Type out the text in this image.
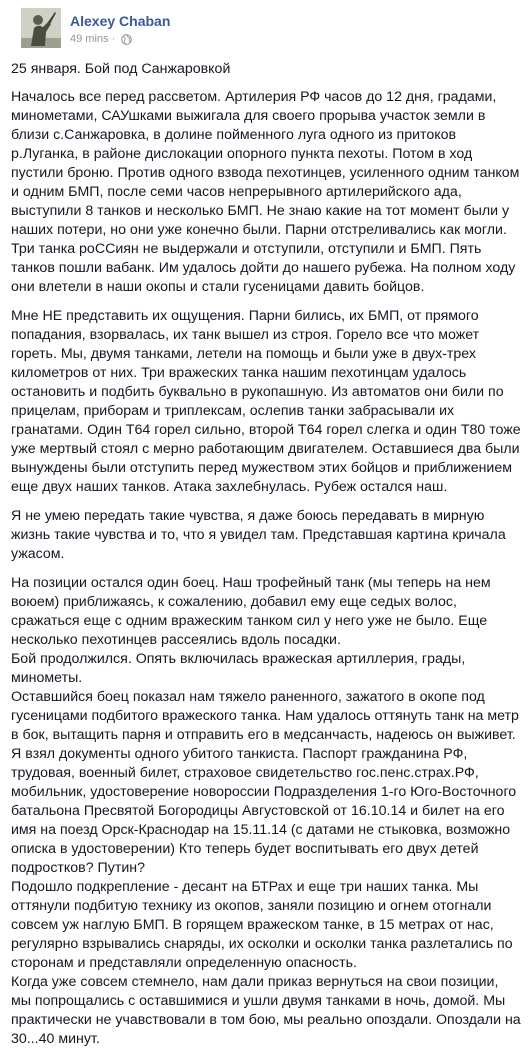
Alexey Chaban
49 mins ·

25 января. Бой под Санжаровкой

Началось все перед рассветом. Артилерия РФ часов до 12 дня, градами, минометами, САУшками выжигала для своего прорыва участок земли в близи с.Санжаровка, в долине пойменного луга одного из притоков р.Луганка, в районе дислокации опорного пункта пехоты. Потом в ход пустили броню. Против одного взвода пехотинцев, усиленного одним танком и одним БМП, после семи часов непрерывного артилерийского ада, выступили 8 танков и несколько БМП. Не знаю какие на тот момент были у наших потери, но они уже конечно были. Парни отстреливались как могли. Три танка роССиян не выдержали и отступили, отступили и БМП. Пять танков пошли вабанк. Им удалось дойти до нашего рубежа. На полном ходу они влетели в наши окопы и стали гусеницами давить бойцов.

Мне НЕ представить их ощущения. Парни бились, их БМП, от прямого попадания, взорвалась, их танк вышел из строя. Горело все что может гореть. Мы, двумя танками, летели на помощь и были уже в двух-трех километров от них. Три вражеских танка нашим пехотинцам удалось остановить и подбить буквально в рукопашную. Из автоматов они били по прицелам, приборам и триплексам, ослепив танки забрасывали их гранатами. Один Т64 горел сильно, второй Т64 горел слегка и один Т80 тоже уже мертвый стоял с мерно работающим двигателем. Оставшиеся два были вынуждены были отступить перед мужеством этих бойцов и приближением еще двух наших танков. Атака захлебнулась. Рубеж остался наш.

Я не умею передать такие чувства, я даже боюсь передавать в мирную жизнь такие чувства и то, что я увидел там. Представшая картина кричала ужасом.

На позиции остался один боец. Наш трофейный танк (мы теперь на нем воюем) приближаясь, к сожалению, добавил ему еще седых волос, сражаться еще с одним вражеским танком сил у него уже не было. Еще несколько пехотинцев рассеялись вдоль посадки.
Бой продолжился. Опять включилась вражеская артиллерия, грады, минометы.
Оставшийся боец показал нам тяжело раненного, зажатого в окопе под гусеницами подбитого вражеского танка. Нам удалось оттянуть танк на метр в бок, вытащить парня и отправить его в медсанчасть, надеюсь он выживет. Я взял документы одного убитого танкиста. Паспорт гражданина РФ, трудовая, военный билет, страховое свидетельство гос.пенс.страх.РФ, мобильник, удостоверение новороссии Подразделения 1-го Юго-Восточного батальона Пресвятой Богородицы Августовской от 16.10.14 и билет на его имя на поезд Орск-Краснодар на 15.11.14 (с датами не стыковка, возможно описка в удостоверении) Кто теперь будет воспитывать его двух детей подростков? Путин?
Подошло подкрепление - десант на БТРах и еще три наших танка. Мы оттянули подбитую технику из окопов, заняли позицию и огнем отогнали совсем уж наглую БМП. В горящем вражеском танке, в 15 метрах от нас, регулярно взрывались снаряды, их осколки и осколки танка разлетались по сторонам и представляли определенную опасность.
Когда уже совсем стемнело, нам дали приказ вернуться на свои позиции, мы попрощались с оставшимися и ушли двумя танками в ночь, домой. Мы практически не учавствовали в том бою, мы реально опоздали. Опоздали на 30...40 минут.
